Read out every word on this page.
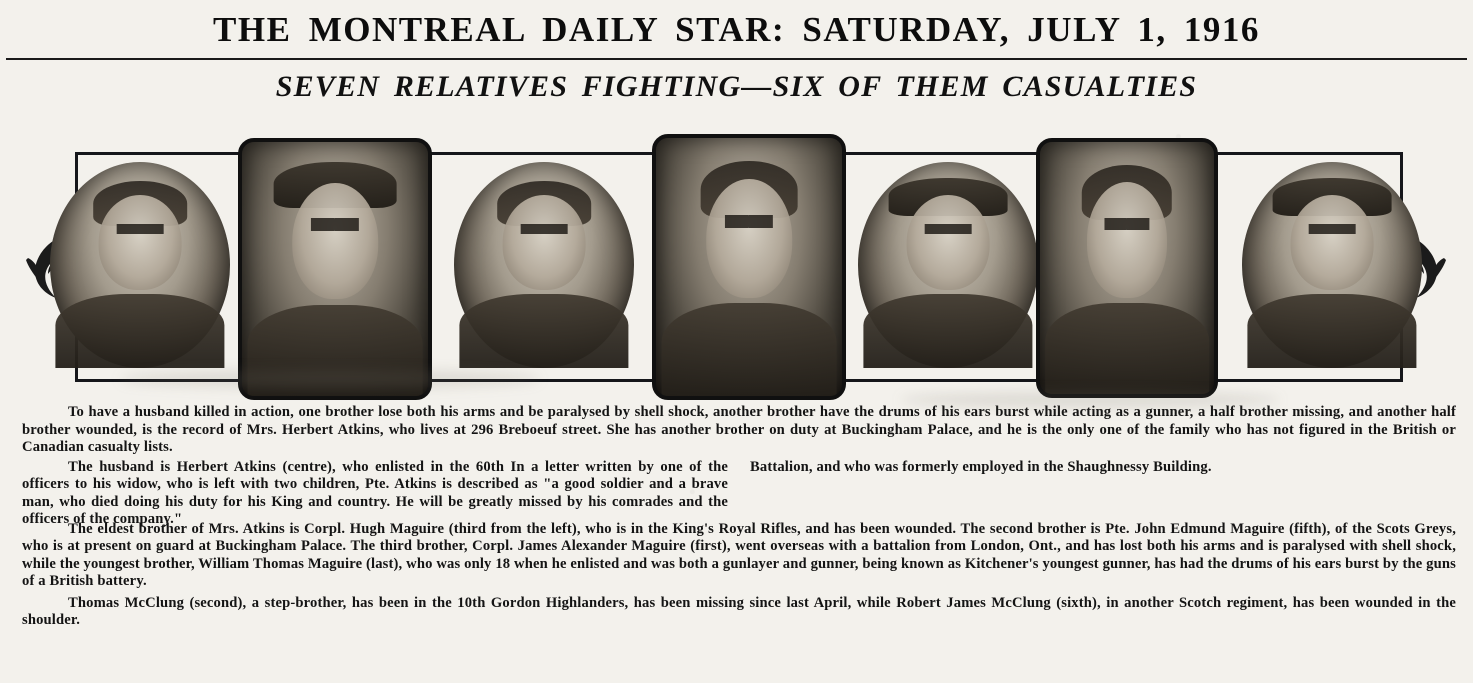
THE MONTREAL DAILY STAR: SATURDAY, JULY 1, 1916
SEVEN RELATIVES FIGHTING—SIX OF THEM CASUALTIES

To have a husband killed in action, one brother lose both his arms and be paralysed by shell shock, another brother have the drums of his ears burst while acting as a gunner, a half brother missing, and another half brother wounded, is the record of Mrs. Herbert Atkins, who lives at 296 Breboeuf street. She has another brother on duty at Buckingham Palace, and he is the only one of the family who has not figured in the British or Canadian casualty lists.

The husband is Herbert Atkins (centre), who enlisted in the 60th In a letter written by one of the officers to his widow, who is left with two children, Pte. Atkins is described as "a good soldier and a brave man, who died doing his duty for his King and country. He will be greatly missed by his comrades and the officers of the company."

Battalion, and who was formerly employed in the Shaughnessy Building.

The eldest brother of Mrs. Atkins is Corpl. Hugh Maguire (third from the left), who is in the King's Royal Rifles, and has been wounded. The second brother is Pte. John Edmund Maguire (fifth), of the Scots Greys, who is at present on guard at Buckingham Palace. The third brother, Corpl. James Alexander Maguire (first), went overseas with a battalion from London, Ont., and has lost both his arms and is paralysed with shell shock, while the youngest brother, William Thomas Maguire (last), who was only 18 when he enlisted and was both a gunlayer and gunner, being known as Kitchener's youngest gunner, has had the drums of his ears burst by the guns of a British battery.

Thomas McClung (second), a step-brother, has been in the 10th Gordon Highlanders, has been missing since last April, while Robert James McClung (sixth), in another Scotch regiment, has been wounded in the shoulder.
